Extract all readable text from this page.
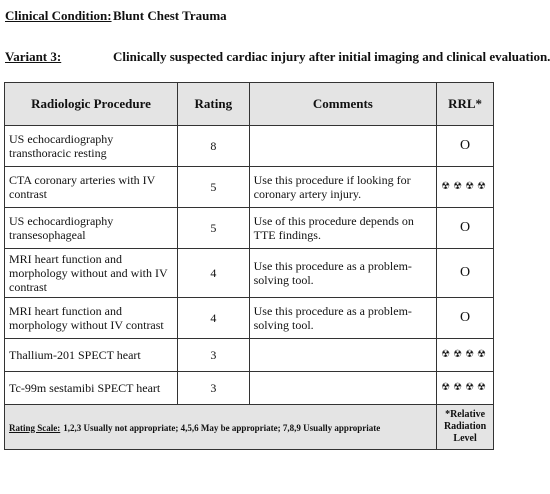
Clinical Condition:Blunt Chest Trauma
Variant 3:	Clinically suspected cardiac injury after initial imaging and clinical evaluation.
Radiologic Procedure	Rating	Comments	RRL*
US echocardiography transthoracic resting	8		O
CTA coronary arteries with IV contrast	5	Use this procedure if looking for coronary artery injury.	☢☢☢☢
US echocardiography transesophageal	5	Use of this procedure depends on TTE findings.	O
MRI heart function and morphology without and with IV contrast	4	Use this procedure as a problem-solving tool.	O
MRI heart function and morphology without IV contrast	4	Use this procedure as a problem-solving tool.	O
Thallium-201 SPECT heart	3		☢☢☢☢
Tc-99m sestamibi SPECT heart	3		☢☢☢☢
Rating Scale: 1,2,3 Usually not appropriate; 4,5,6 May be appropriate; 7,8,9 Usually appropriate			*Relative
Radiation Level
